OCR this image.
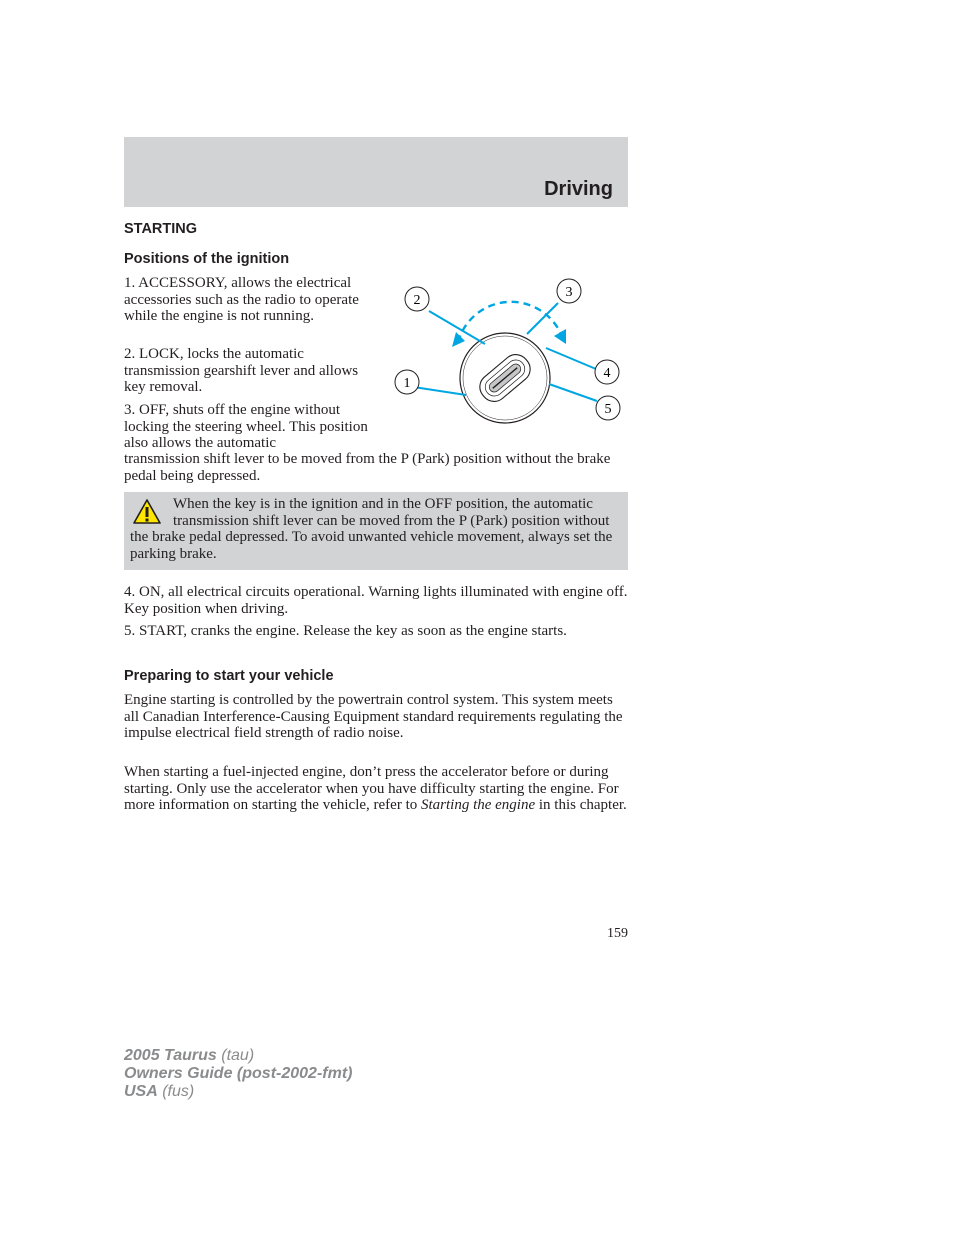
Driving
STARTING
Positions of the ignition

1. ACCESSORY, allows the electrical accessories such as the radio to operate while the engine is not running.

2. LOCK, locks the automatic transmission gearshift lever and allows key removal.

3. OFF, shuts off the engine without locking the steering wheel. This position also allows the automatic

transmission shift lever to be moved from the P (Park) position without the brake pedal being depressed.

1
2
3
4
5

When the key is in the ignition and in the OFF position, the automatic transmission shift lever can be moved from the P (Park) position without the brake pedal depressed. To avoid unwanted vehicle movement, always set the parking brake.

4. ON, all electrical circuits operational. Warning lights illuminated with engine off. Key position when driving.

5. START, cranks the engine. Release the key as soon as the engine starts.

Preparing to start your vehicle

Engine starting is controlled by the powertrain control system. This system meets all Canadian Interference-Causing Equipment standard requirements regulating the impulse electrical field strength of radio noise.

When starting a fuel-injected engine, don’t press the accelerator before or during starting. Only use the accelerator when you have difficulty starting the engine. For more information on starting the vehicle, refer to Starting the engine in this chapter.

159
2005 Taurus (tau)
Owners Guide (post-2002-fmt)
USA (fus)
